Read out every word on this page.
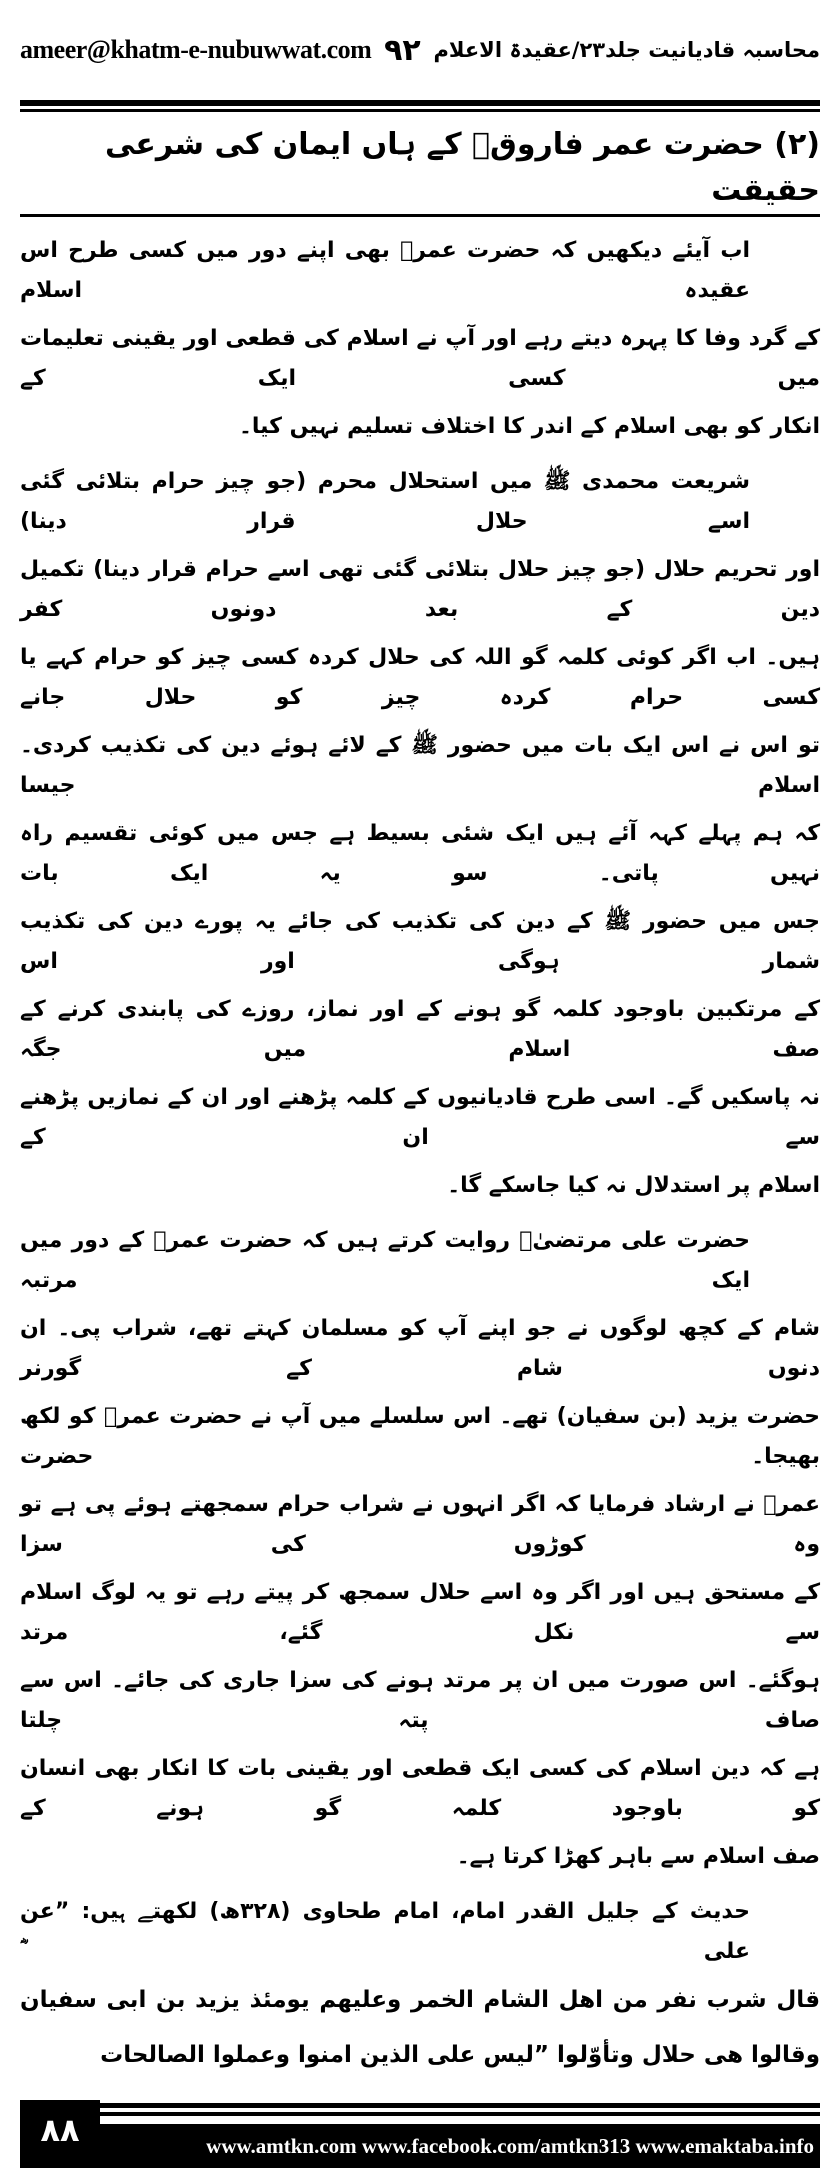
ameer@khatm-e-nubuwwat.com ۹۲ محاسبہ قادیانیت جلد۲۳/عقیدۃ الاعلام
(۲) حضرت عمر فاروقؓ کے ہاں ایمان کی شرعی حقیقت
اب آیئے دیکھیں کہ حضرت عمرؓ بھی اپنے دور میں کسی طرح اس عقیدہ اسلام
کے گرد وفا کا پہرہ دیتے رہے اور آپ نے اسلام کی قطعی اور یقینی تعلیمات میں کسی ایک کے
انکار کو بھی اسلام کے اندر کا اختلاف تسلیم نہیں کیا۔
شریعت محمدی ﷺ میں استحلال محرم (جو چیز حرام بتلائی گئی اسے حلال قرار دینا)
اور تحریم حلال (جو چیز حلال بتلائی گئی تھی اسے حرام قرار دینا) تکمیل دین کے بعد دونوں کفر
ہیں۔ اب اگر کوئی کلمہ گو اللہ کی حلال کردہ کسی چیز کو حرام کہے یا کسی حرام کردہ چیز کو حلال جانے
تو اس نے اس ایک بات میں حضور ﷺ کے لائے ہوئے دین کی تکذیب کردی۔ اسلام جیسا
کہ ہم پہلے کہہ آئے ہیں ایک شئی بسیط ہے جس میں کوئی تقسیم راہ نہیں پاتی۔ سو یہ ایک بات
جس میں حضور ﷺ کے دین کی تکذیب کی جائے یہ پورے دین کی تکذیب شمار ہوگی اور اس
کے مرتکبین باوجود کلمہ گو ہونے کے اور نماز، روزے کی پابندی کرنے کے صف اسلام میں جگہ
نہ پاسکیں گے۔ اسی طرح قادیانیوں کے کلمہ پڑھنے اور ان کے نمازیں پڑھنے سے ان کے
اسلام پر استدلال نہ کیا جاسکے گا۔
حضرت علی مرتضیٰؓ روایت کرتے ہیں کہ حضرت عمرؓ کے دور میں ایک مرتبہ
شام کے کچھ لوگوں نے جو اپنے آپ کو مسلمان کہتے تھے، شراب پی۔ ان دنوں شام کے گورنر
حضرت یزید (بن سفیان) تھے۔ اس سلسلے میں آپ نے حضرت عمرؓ کو لکھ بھیجا۔ حضرت
عمرؓ نے ارشاد فرمایا کہ اگر انہوں نے شراب حرام سمجھتے ہوئے پی ہے تو وہ کوڑوں کی سزا
کے مستحق ہیں اور اگر وہ اسے حلال سمجھ کر پیتے رہے تو یہ لوگ اسلام سے نکل گئے، مرتد
ہوگئے۔ اس صورت میں ان پر مرتد ہونے کی سزا جاری کی جائے۔ اس سے صاف پتہ چلتا
ہے کہ دین اسلام کی کسی ایک قطعی اور یقینی بات کا انکار بھی انسان کو باوجود کلمہ گو ہونے کے
صف اسلام سے باہر کھڑا کرتا ہے۔
حدیث کے جلیل القدر امام، امام طحاوی (۳۲۸ھ) لکھتے ہیں: ”عن علی ؓ
قال شرب نفر من اهل الشام الخمر وعليهم يومئذ يزيد بن ابی سفيان
وقالوا هی حلال وتأوّلوا ”ليس على الذين امنوا وعملوا الصالحات
۸۸	www.amtkn.com www.facebook.com/amtkn313 www.emaktaba.info
